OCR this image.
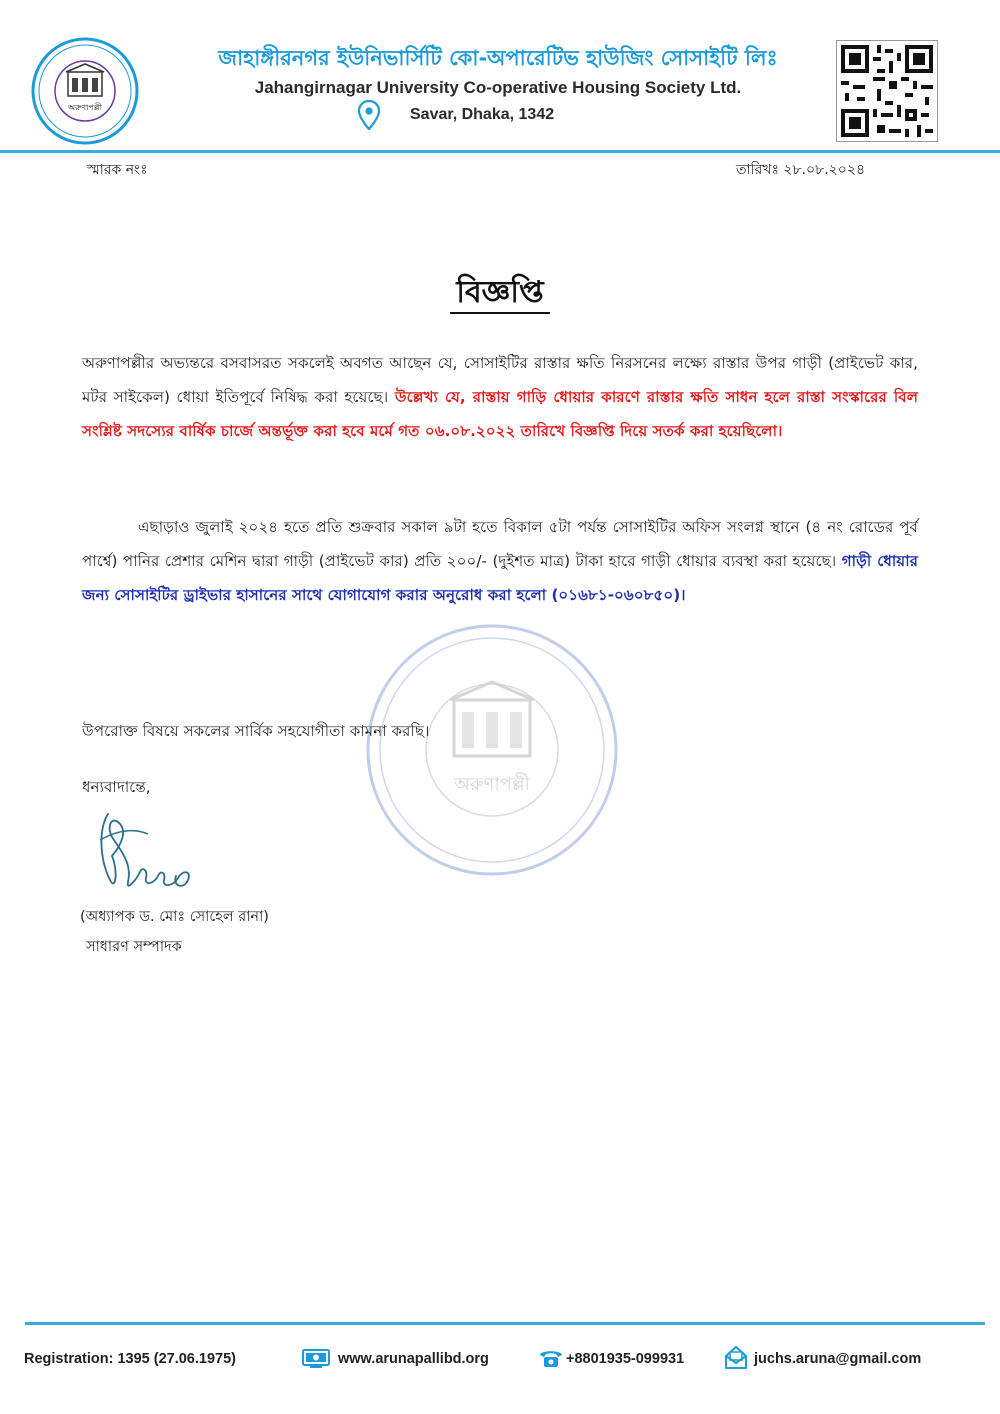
অরুণাপল্লী
জাহাঙ্গীরনগর ইউনিভার্সিটি কো-অপারেটিভ হাউজিং সোসাইটি লিঃ
Jahangirnagar University Co-operative Housing Society Ltd.
Savar, Dhaka, 1342
স্মারক নংঃ	তারিখঃ ২৮.০৮.২০২৪
অরুণাপল্লী
বিজ্ঞপ্তি
অরুণাপল্লীর অভ্যন্তরে বসবাসরত সকলেই অবগত আছেন যে, সোসাইটির রাস্তার ক্ষতি নিরসনের লক্ষ্যে রাস্তার উপর গাড়ী (প্রাইভেট কার, মটর সাইকেল) ধোয়া ইতিপূর্বে নিষিদ্ধ করা হয়েছে। উল্লেখ্য যে, রাস্তায় গাড়ি ধোয়ার কারণে রাস্তার ক্ষতি সাধন হলে রাস্তা সংস্কারের বিল সংশ্লিষ্ট সদস্যের বার্ষিক চার্জে অন্তর্ভূক্ত করা হবে মর্মে গত ০৬.০৮.২০২২ তারিখে বিজ্ঞপ্তি দিয়ে সতর্ক করা হয়েছিলো।
এছাড়াও জুলাই ২০২৪ হতে প্রতি শুক্রবার সকাল ৯টা হতে বিকাল ৫টা পর্যন্ত সোসাইটির অফিস সংলগ্ন স্থানে (৪ নং রোডের পূর্ব পার্শ্বে) পানির প্রেশার মেশিন দ্বারা গাড়ী (প্রাইভেট কার) প্রতি ২০০/- (দুইশত মাত্র) টাকা হারে গাড়ী ধোয়ার ব্যবস্থা করা হয়েছে। গাড়ী ধোয়ার জন্য সোসাইটির ড্রাইভার হাসানের সাথে যোগাযোগ করার অনুরোধ করা হলো (০১৬৮১-০৬০৮৫০)।
উপরোক্ত বিষয়ে সকলের সার্বিক সহযোগীতা কামনা করছি।
ধন্যবাদান্তে,
(অধ্যাপক ড. মোঃ সোহেল রানা)
সাধারণ সম্পাদক
Registration: 1395 (27.06.1975)	www.arunapallibd.org	+8801935-099931	juchs.aruna@gmail.com
